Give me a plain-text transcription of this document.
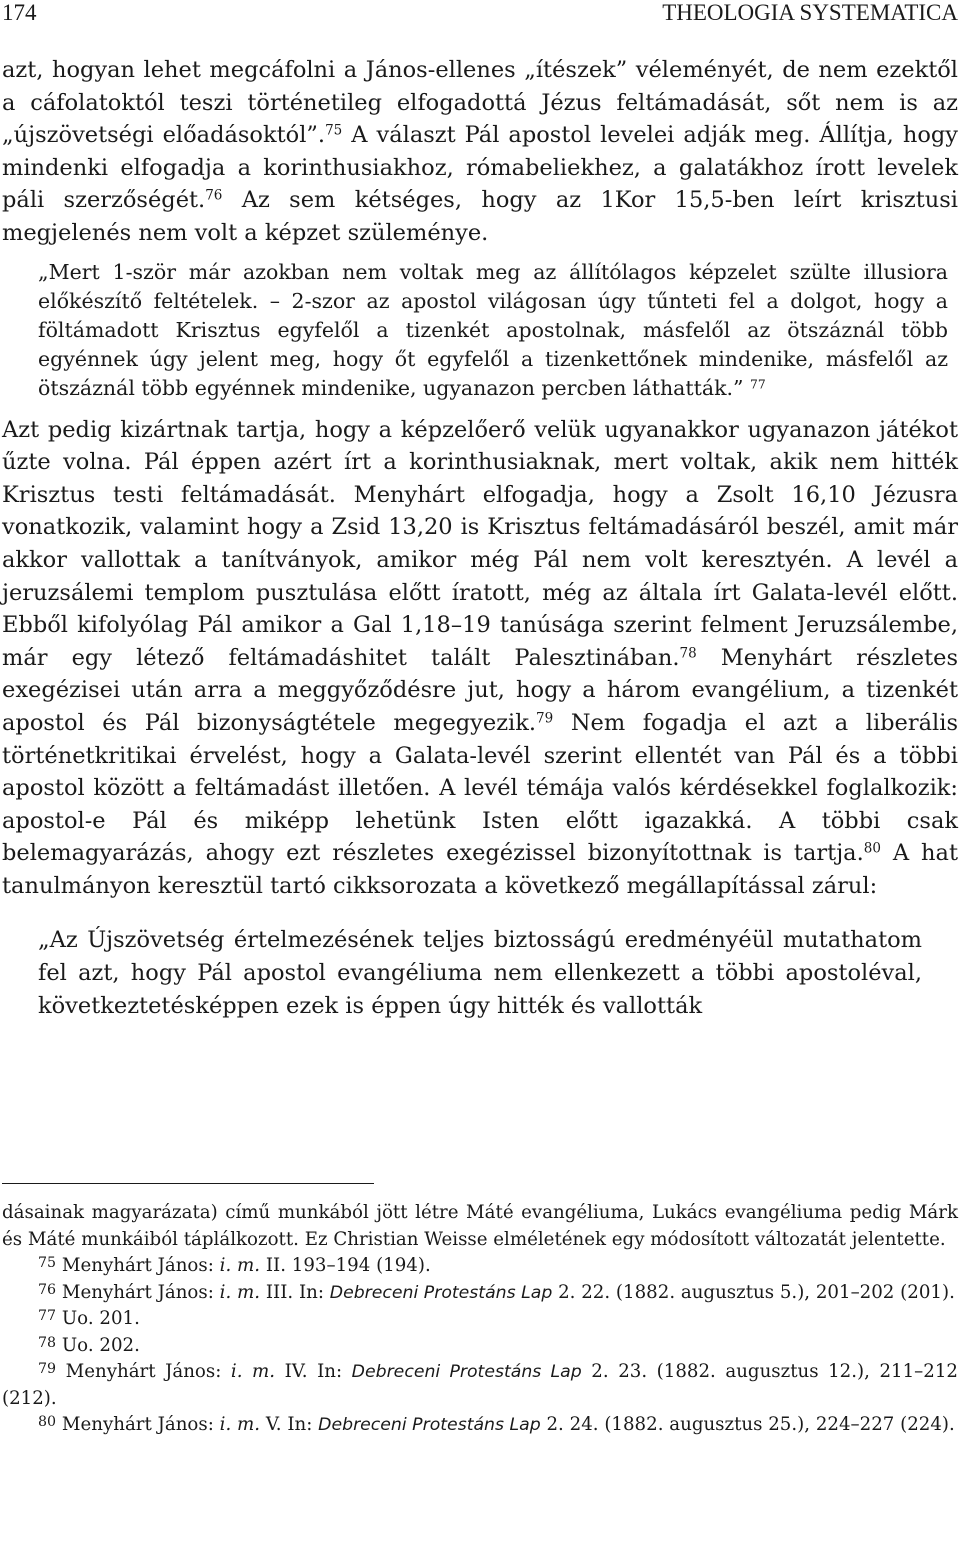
174	THEOLOGIA SYSTEMATICA

azt, hogyan lehet megcáfolni a János-ellenes „ítészek” véleményét, de nem ezektől a cáfolatoktól teszi történetileg elfogadottá Jézus feltámadását, sőt nem is az „újszövetségi előadásoktól”.$^{75}$ A választ Pál apostol levelei adják meg. Állítja, hogy mindenki elfogadja a korinthusiakhoz, rómabeliekhez, a galatákhoz írott levelek páli szerzőségét.$^{76}$ Az sem kétséges, hogy az 1Kor 15,5-ben leírt krisztusi megjelenés nem volt a képzet szüleménye.

„Mert 1-ször már azokban nem voltak meg az állítólagos képzelet szülte illusiora előkészítő feltételek. – 2-szor az apostol világosan úgy tűnteti fel a dolgot, hogy a föltámadott Krisztus egyfelől a tizenkét apostolnak, másfelől az ötszáznál több egyénnek úgy jelent meg, hogy őt egyfelől a tizenkettőnek mindenike, másfelől az ötszáznál több egyénnek mindenike, ugyanazon percben láthatták.” $^{77}$

Azt pedig kizártnak tartja, hogy a képzelőerő velük ugyanakkor ugyanazon játékot űzte volna. Pál éppen azért írt a korinthusiaknak, mert voltak, akik nem hitték Krisztus testi feltámadását. Menyhárt elfogadja, hogy a Zsolt 16,10 Jézusra vonatkozik, valamint hogy a Zsid 13,20 is Krisztus feltámadásáról beszél, amit már akkor vallottak a tanítványok, amikor még Pál nem volt keresztyén. A levél a jeruzsálemi templom pusztulása előtt íratott, még az általa írt Galata-levél előtt. Ebből kifolyólag Pál amikor a Gal 1,18–19 tanúsága szerint felment Jeruzsálembe, már egy létező feltámadáshitet talált Palesztinában.$^{78}$ Menyhárt részletes exegézisei után arra a meggyőződésre jut, hogy a három evangélium, a tizenkét apostol és Pál bizonyságtétele megegyezik.$^{79}$ Nem fogadja el azt a liberális történetkritikai érvelést, hogy a Galata-levél szerint ellentét van Pál és a többi apostol között a feltámadást illetően. A levél témája valós kérdésekkel foglalkozik: apostol-e Pál és miképp lehetünk Isten előtt igazakká. A többi csak belemagyarázás, ahogy ezt részletes exegézissel bizonyítottnak is tartja.$^{80}$ A hat tanulmányon keresztül tartó cikksorozata a következő megállapítással zárul:

„Az Újszövetség értelmezésének teljes biztosságú eredményéül mutathatom fel azt, hogy Pál apostol evangéliuma nem ellenkezett a többi apostoléval, következtetésképpen ezek is éppen úgy hitték és vallották

dásainak magyarázata) című munkából jött létre Máté evangéliuma, Lukács evangéliuma pedig Márk és Máté munkáiból táplálkozott. Ez Christian Weisse elméletének egy módosított változatát jelentette.

$^{75}$ Menyhárt János: i. m. II. 193–194 (194).

$^{76}$ Menyhárt János: i. m. III. In: Debreceni Protestáns Lap 2. 22. (1882. augusztus 5.), 201–202 (201).

$^{77}$ Uo. 201.

$^{78}$ Uo. 202.

$^{79}$ Menyhárt János: i. m. IV. In: Debreceni Protestáns Lap 2. 23. (1882. augusztus 12.), 211–212 (212).

$^{80}$ Menyhárt János: i. m. V. In: Debreceni Protestáns Lap 2. 24. (1882. augusztus 25.), 224–227 (224).
